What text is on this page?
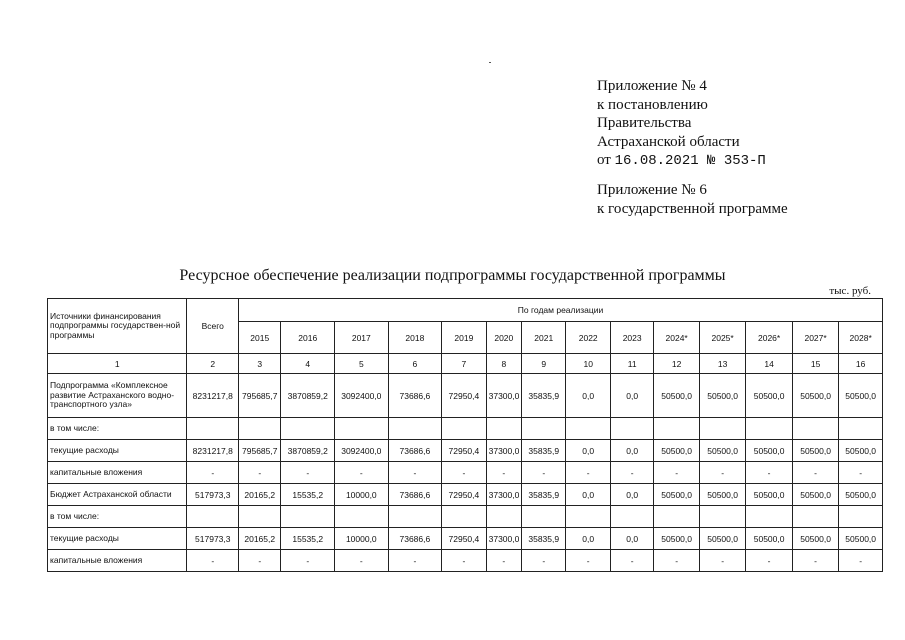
Приложение № 4
к постановлению
Правительства
Астраханской области
от 16.08.2021 № 353-П
Приложение № 6
к государственной программе
Ресурсное обеспечение реализации подпрограммы государственной программы
тыс. руб.
Источники финансирования подпрограммы государствен-ной программы	Всего	По годам реализации													
		2015	2016	2017	2018	2019	2020	2021	2022	2023	2024*	2025*	2026*	2027*	2028*
1	2	3	4	5	6	7	8	9	10	11	12	13	14	15	16
Подпрограмма «Комплексное развитие Астраханского водно-транспортного узла»	8231217,8	795685,7	3870859,2	3092400,0	73686,6	72950,4	37300,0	35835,9	0,0	0,0	50500,0	50500,0	50500,0	50500,0	50500,0
в том числе:															
текущие расходы	8231217,8	795685,7	3870859,2	3092400,0	73686,6	72950,4	37300,0	35835,9	0,0	0,0	50500,0	50500,0	50500,0	50500,0	50500,0
капитальные вложения	-	-	-	-	-	-	-	-	-	-	-	-	-	-	-
Бюджет Астраханской области	517973,3	20165,2	15535,2	10000,0	73686,6	72950,4	37300,0	35835,9	0,0	0,0	50500,0	50500,0	50500,0	50500,0	50500,0
в том числе:															
текущие расходы	517973,3	20165,2	15535,2	10000,0	73686,6	72950,4	37300,0	35835,9	0,0	0,0	50500,0	50500,0	50500,0	50500,0	50500,0
капитальные вложения	-	-	-	-	-	-	-	-	-	-	-	-	-	-	-
